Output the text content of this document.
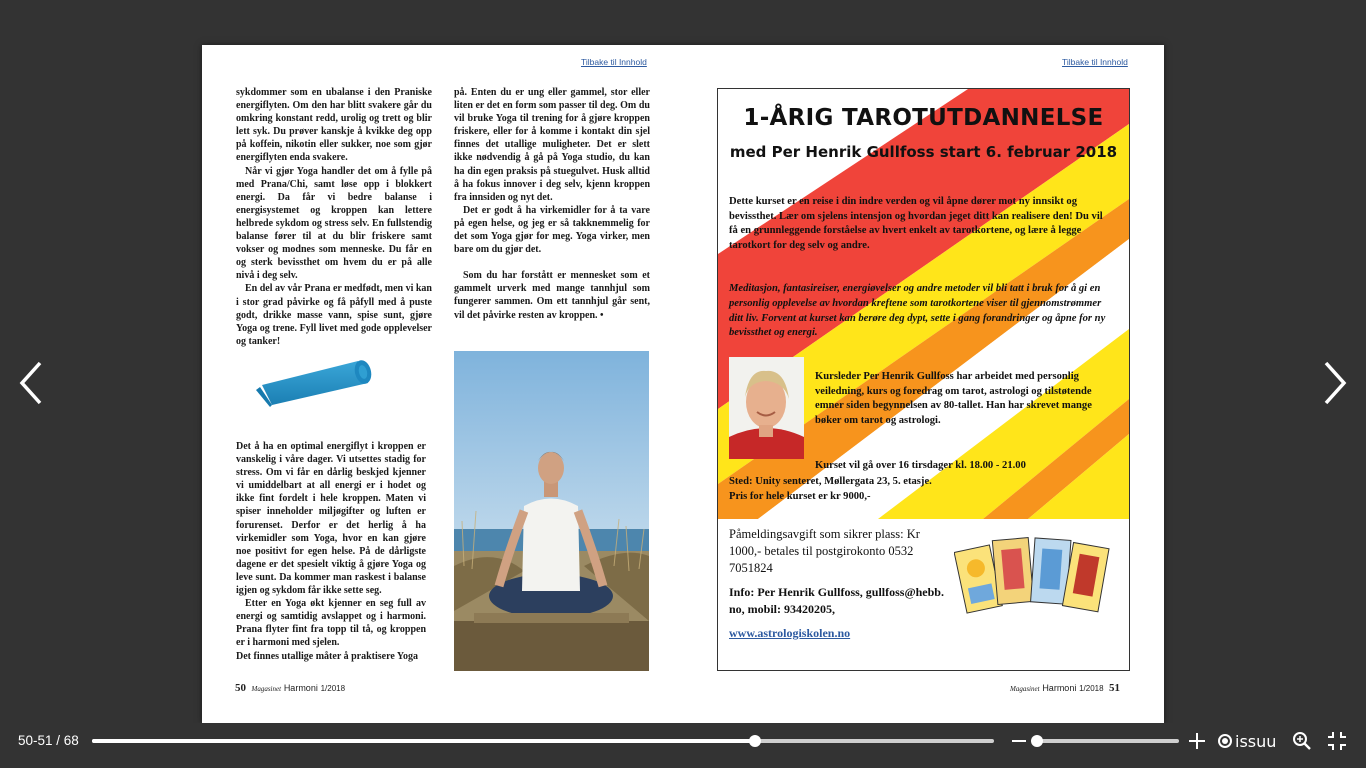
Tilbake til Innhold

sykdommer som en ubalanse i den Praniske energiflyten. Om den har blitt svakere går du omkring konstant redd, urolig og trett og blir lett syk. Du prøver kanskje å kvikke deg opp på koffein, nikotin eller sukker, noe som gjør energiflyten enda svakere.

Når vi gjør Yoga handler det om å fylle på med Prana/Chi, samt løse opp i blokkert energi. Da får vi bedre balanse i energisystemet og kroppen kan lettere helbrede sykdom og stress selv. En fullstendig balanse fører til at du blir friskere samt vokser og modnes som menneske. Du får en og sterk bevissthet om hvem du er på alle nivå i deg selv.

En del av vår Prana er medfødt, men vi kan i stor grad påvirke og få påfyll med å puste godt, drikke masse vann, spise sunt, gjøre Yoga og trene. Fyll livet med gode opplevelser og tanker!

Det å ha en optimal energiflyt i kroppen er vanskelig i våre dager. Vi utsettes stadig for stress. Om vi får en dårlig beskjed kjenner vi umiddelbart at all energi er i hodet og ikke fint fordelt i hele kroppen. Maten vi spiser inneholder miljøgifter og luften er forurenset. Derfor er det herlig å ha virkemidler som Yoga, hvor en kan gjøre noe positivt for egen helse. På de dårligste dagene er det spesielt viktig å gjøre Yoga og leve sunt. Da kommer man raskest i balanse igjen og sykdom får ikke sette seg.

Etter en Yoga økt kjenner en seg full av energi og samtidig avslappet og i harmoni. Prana flyter fint fra topp til tå, og kroppen er i harmoni med sjelen.

Det finnes utallige måter å praktisere Yoga

på. Enten du er ung eller gammel, stor eller liten er det en form som passer til deg. Om du vil bruke Yoga til trening for å gjøre kroppen friskere, eller for å komme i kontakt din sjel finnes det utallige muligheter. Det er slett ikke nødvendig å gå på Yoga studio, du kan ha din egen praksis på stuegulvet. Husk alltid å ha fokus innover i deg selv, kjenn kroppen fra innsiden og nyt det.

Det er godt å ha virkemidler for å ta vare på egen helse, og jeg er så takknemmelig for det som Yoga gjør for meg. Yoga virker, men bare om du gjør det.

Som du har forstått er mennesket som et gammelt urverk med mange tannhjul som fungerer sammen. Om ett tannhjul går sent, vil det påvirke resten av kroppen. •

50 Magasinet Harmoni 1/2018
Tilbake til Innhold
1-ÅRIG TAROTUTDANNELSE
med Per Henrik Gullfoss start 6. februar 2018
Dette kurset er en reise i din indre verden og vil åpne dører mot ny innsikt og bevissthet. Lær om sjelens intensjon og hvordan jeget ditt kan realisere den! Du vil få en grunnleggende forståelse av hvert enkelt av tarotkortene, og lære å legge tarotkort for deg selv og andre.
Meditasjon, fantasireiser, energiøvelser og andre metoder vil bli tatt i bruk for å gi en personlig opplevelse av hvordan kreftene som tarotkortene viser til gjennomstrømmer ditt liv. Forvent at kurset kan berøre deg dypt, sette i gang forandringer og åpne for ny bevissthet og energi.
Kursleder Per Henrik Gullfoss har arbeidet med personlig veiledning, kurs og foredrag om tarot, astrologi og tilstøtende emner siden begynnelsen av 80-tallet. Han har skrevet mange bøker om tarot og astrologi.
Kurset vil gå over 16 tirsdager kl. 18.00 - 21.00
Sted: Unity senteret, Møllergata 23, 5. etasje.
Pris for hele kurset er kr 9000,-
Påmeldingsavgift som sikrer plass: Kr 1000,- betales til postgirokonto 0532 7051824
Info: Per Henrik Gullfoss, gullfoss@hebb. no, mobil: 93420205,
www.astrologiskolen.no
Magasinet Harmoni 1/2018 51
50-51 / 68	issuu
